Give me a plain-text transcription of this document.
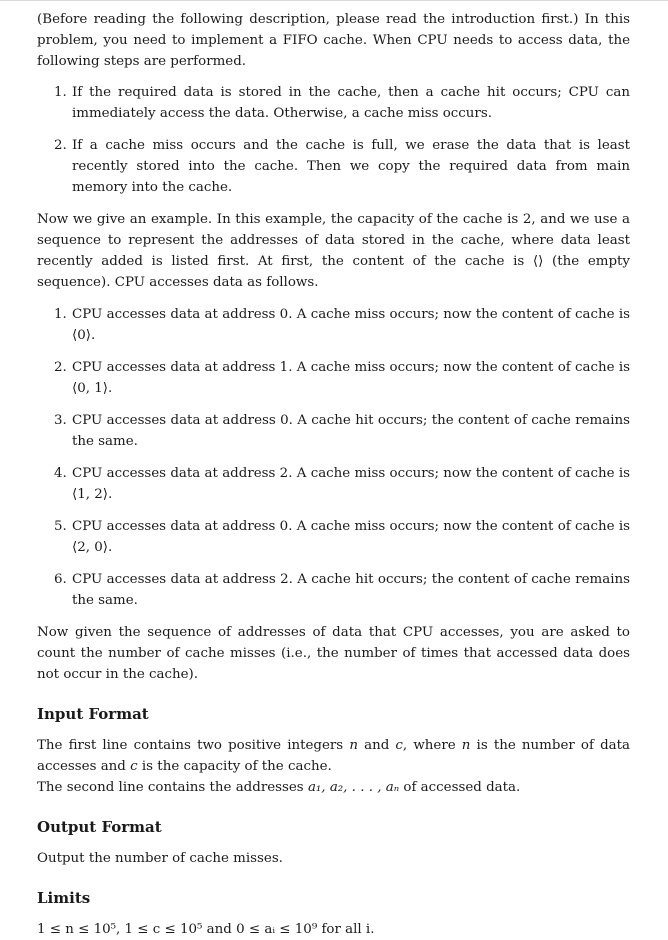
(Before reading the following description, please read the introduction first.) In this problem, you need to implement a FIFO cache. When CPU needs to access data, the following steps are performed.

1. If the required data is stored in the cache, then a cache hit occurs; CPU can immediately access the data. Otherwise, a cache miss occurs.
2. If a cache miss occurs and the cache is full, we erase the data that is least recently stored into the cache. Then we copy the required data from main memory into the cache.

Now we give an example. In this example, the capacity of the cache is 2, and we use a sequence to represent the addresses of data stored in the cache, where data least recently added is listed first. At first, the content of the cache is ⟨⟩ (the empty sequence). CPU accesses data as follows.

1. CPU accesses data at address 0. A cache miss occurs; now the content of cache is ⟨0⟩.
2. CPU accesses data at address 1. A cache miss occurs; now the content of cache is ⟨0, 1⟩.
3. CPU accesses data at address 0. A cache hit occurs; the content of cache remains the same.
4. CPU accesses data at address 2. A cache miss occurs; now the content of cache is ⟨1, 2⟩.
5. CPU accesses data at address 0. A cache miss occurs; now the content of cache is ⟨2, 0⟩.
6. CPU accesses data at address 2. A cache hit occurs; the content of cache remains the same.

Now given the sequence of addresses of data that CPU accesses, you are asked to count the number of cache misses (i.e., the number of times that accessed data does not occur in the cache).

Input Format

The first line contains two positive integers n and c, where n is the number of data accesses and c is the capacity of the cache.

The second line contains the addresses a₁, a₂, . . . , aₙ of accessed data.

Output Format

Output the number of cache misses.

Limits

1 ≤ n ≤ 10⁵, 1 ≤ c ≤ 10⁵ and 0 ≤ aᵢ ≤ 10⁹ for all i.
